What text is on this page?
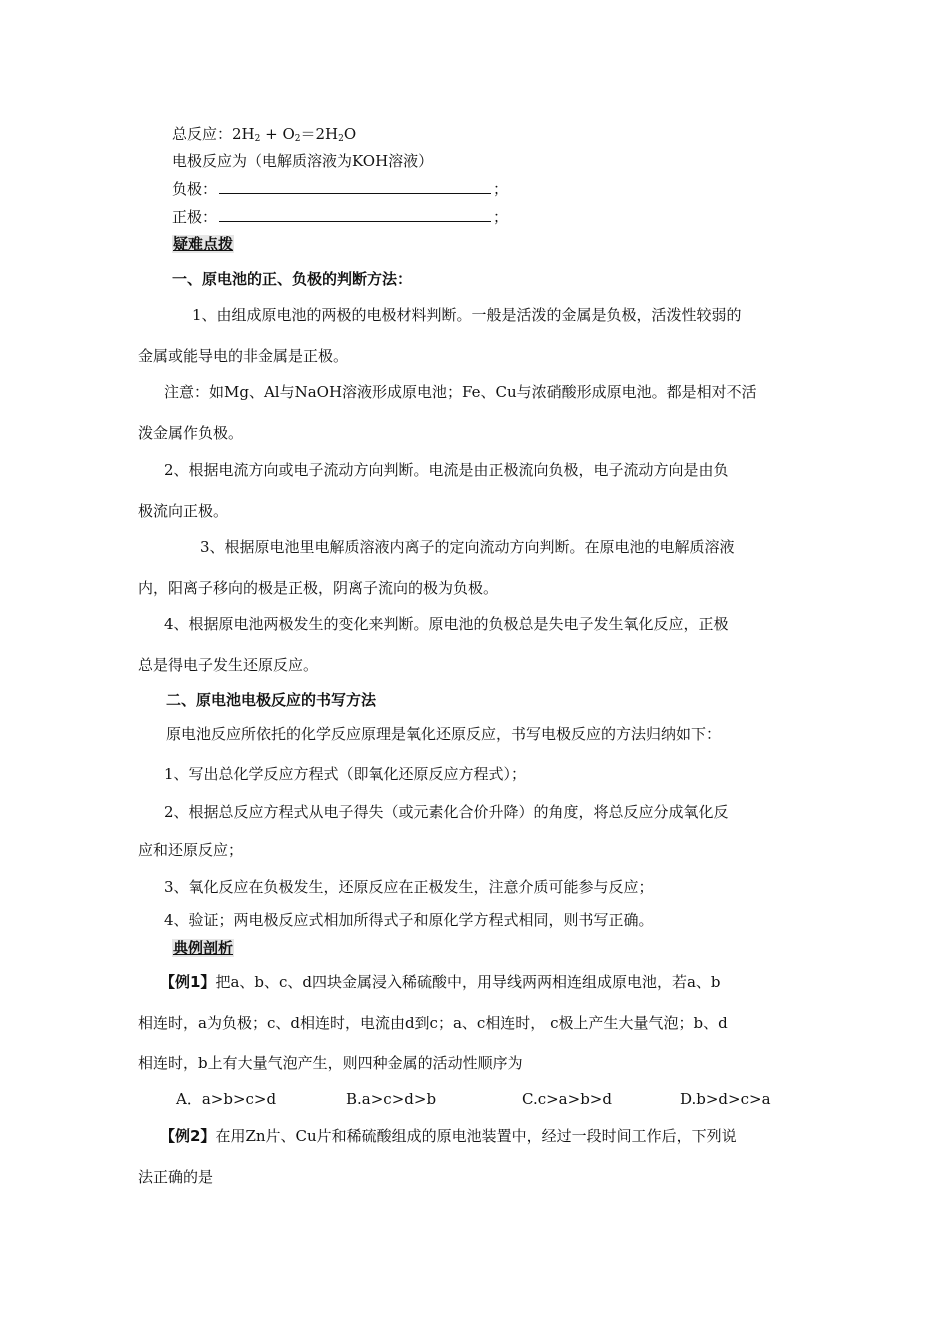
总反应：$2H_2 + O_2=2H_2O$
电极反应为（电解质溶液为KOH溶液）
负极：	；
正极：	；
疑难点拨
一、原电池的正、负极的判断方法：
1、由组成原电池的两极的电极材料判断。一般是活泼的金属是负极，活泼性较弱的
金属或能导电的非金属是正极。
注意：如Mg、Al与NaOH溶液形成原电池；Fe、Cu与浓硝酸形成原电池。都是相对不活
泼金属作负极。
2、根据电流方向或电子流动方向判断。电流是由正极流向负极，电子流动方向是由负
极流向正极。
3、根据原电池里电解质溶液内离子的定向流动方向判断。在原电池的电解质溶液
内，阳离子移向的极是正极，阴离子流向的极为负极。
4、根据原电池两极发生的变化来判断。原电池的负极总是失电子发生氧化反应，正极
总是得电子发生还原反应。
二、原电池电极反应的书写方法
原电池反应所依托的化学反应原理是氧化还原反应，书写电极反应的方法归纳如下：
1、写出总化学反应方程式（即氧化还原反应方程式）；
2、根据总反应方程式从电子得失（或元素化合价升降）的角度，将总反应分成氧化反
应和还原反应；
3、氧化反应在负极发生，还原反应在正极发生，注意介质可能参与反应；
4、验证；两电极反应式相加所得式子和原化学方程式相同，则书写正确。
典例剖析
【例1】把a、b、c、d四块金属浸入稀硫酸中，用导线两两相连组成原电池，若a、b
相连时，a为负极；c、d相连时，电流由d到c；a、c相连时， c极上产生大量气泡；b、d
相连时，b上有大量气泡产生，则四种金属的活动性顺序为
A．a>b>c>d	B.a>c>d>b	C.c>a>b>d	D.b>d>c>a
【例2】在用Zn片、Cu片和稀硫酸组成的原电池装置中，经过一段时间工作后，下列说
法正确的是
